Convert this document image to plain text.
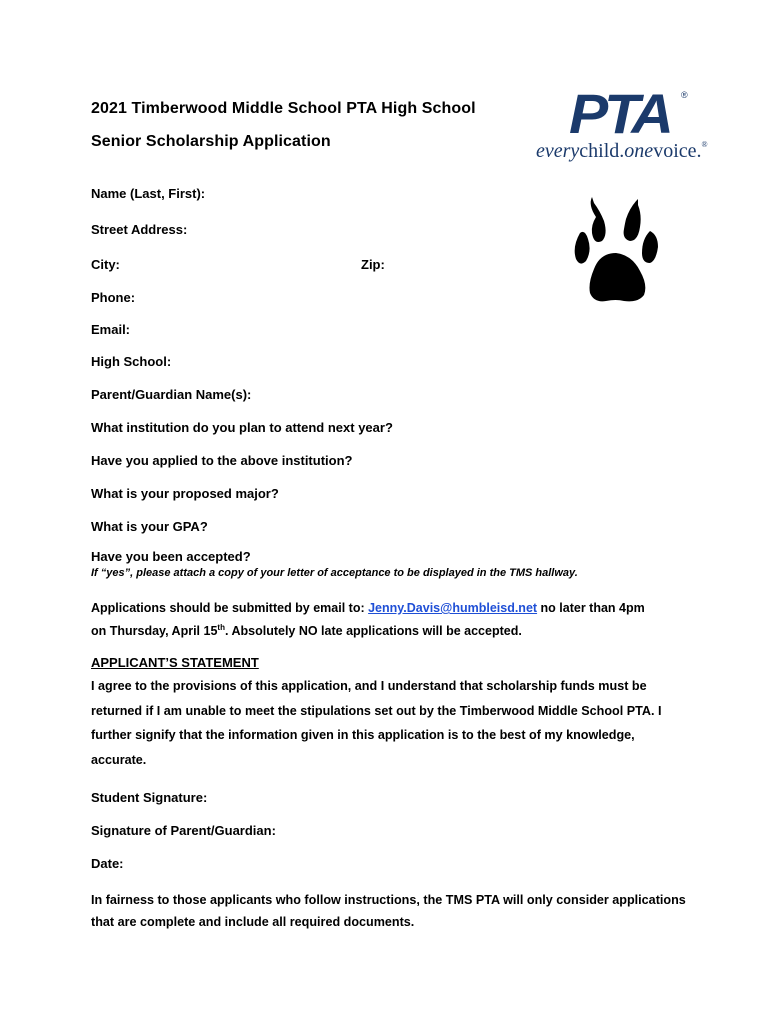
2021 Timberwood Middle School PTA High School Senior Scholarship Application	PTA ®
everychild.onevoice.®
Name (Last, First):
Street Address:
City:	Zip:
Phone:
Email:
High School:
Parent/Guardian Name(s):
What institution do you plan to attend next year?
Have you applied to the above institution?
What is your proposed major?
What is your GPA?
Have you been accepted?
If “yes”, please attach a copy of your letter of acceptance to be displayed in the TMS hallway.
Applications should be submitted by email to: Jenny.Davis@humbleisd.net no later than 4pm on Thursday, April 15th. Absolutely NO late applications will be accepted.
APPLICANT’S STATEMENT
I agree to the provisions of this application, and I understand that scholarship funds must be returned if I am unable to meet the stipulations set out by the Timberwood Middle School PTA. I further signify that the information given in this application is to the best of my knowledge, accurate.
Student Signature:
Signature of Parent/Guardian:
Date:
In fairness to those applicants who follow instructions, the TMS PTA will only consider applications that are complete and include all required documents.
